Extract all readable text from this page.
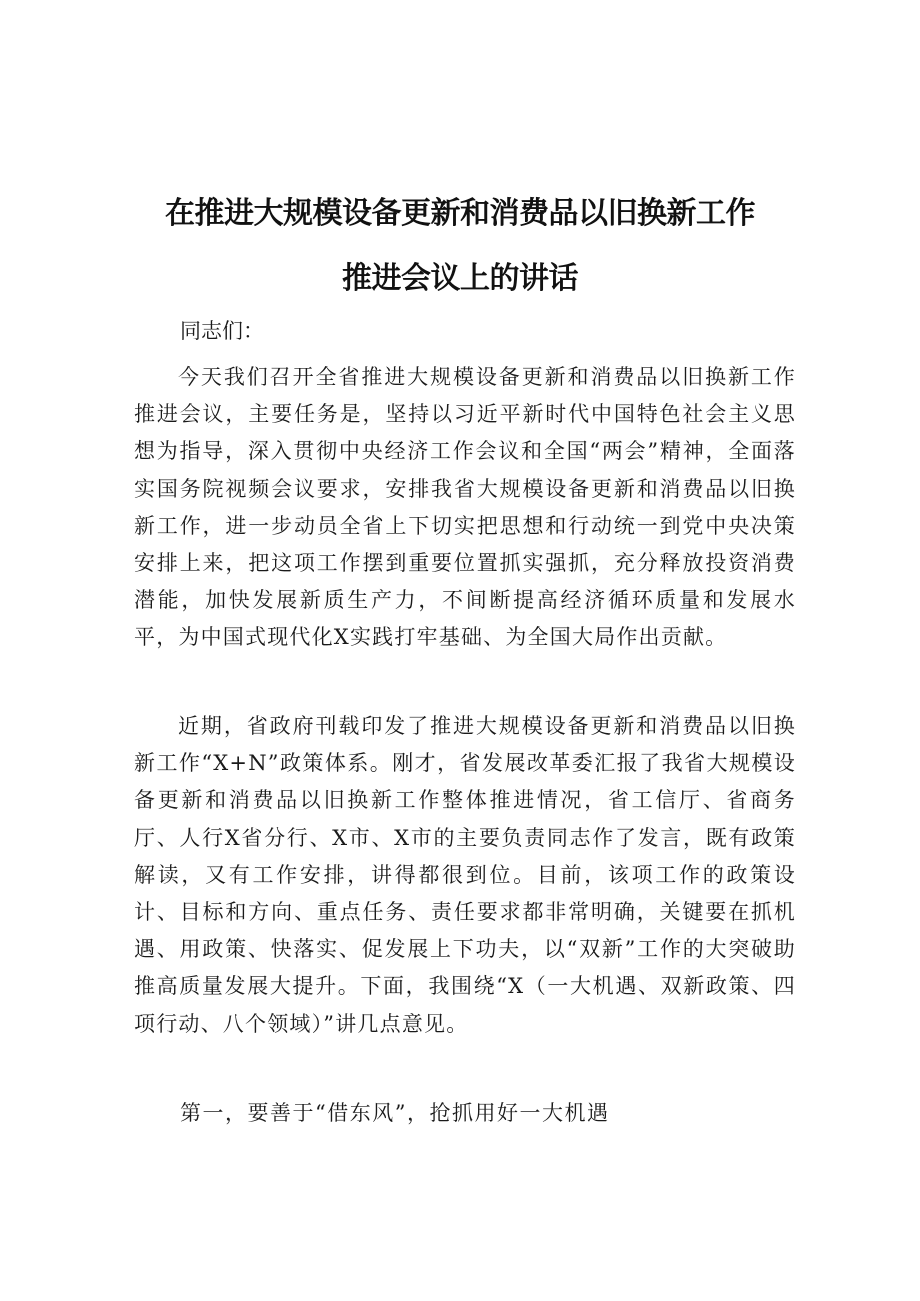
在推进大规模设备更新和消费品以旧换新工作
推进会议上的讲话

同志们：

今天我们召开全省推进大规模设备更新和消费品以旧换新工作推进会议，主要任务是，坚持以习近平新时代中国特色社会主义思想为指导，深入贯彻中央经济工作会议和全国“两会”精神，全面落实国务院视频会议要求，安排我省大规模设备更新和消费品以旧换新工作，进一步动员全省上下切实把思想和行动统一到党中央决策安排上来，把这项工作摆到重要位置抓实强抓，充分释放投资消费潜能，加快发展新质生产力，不间断提高经济循环质量和发展水平，为中国式现代化X实践打牢基础、为全国大局作出贡献。

近期，省政府刊载印发了推进大规模设备更新和消费品以旧换新工作“X+N”政策体系。刚才，省发展改革委汇报了我省大规模设备更新和消费品以旧换新工作整体推进情况，省工信厅、省商务厅、人行X省分行、X市、X市的主要负责同志作了发言，既有政策解读，又有工作安排，讲得都很到位。目前，该项工作的政策设计、目标和方向、重点任务、责任要求都非常明确，关键要在抓机遇、用政策、快落实、促发展上下功夫，以“双新”工作的大突破助推高质量发展大提升。下面，我围绕“X（一大机遇、双新政策、四项行动、八个领域）”讲几点意见。

第一，要善于“借东风”，抢抓用好一大机遇
